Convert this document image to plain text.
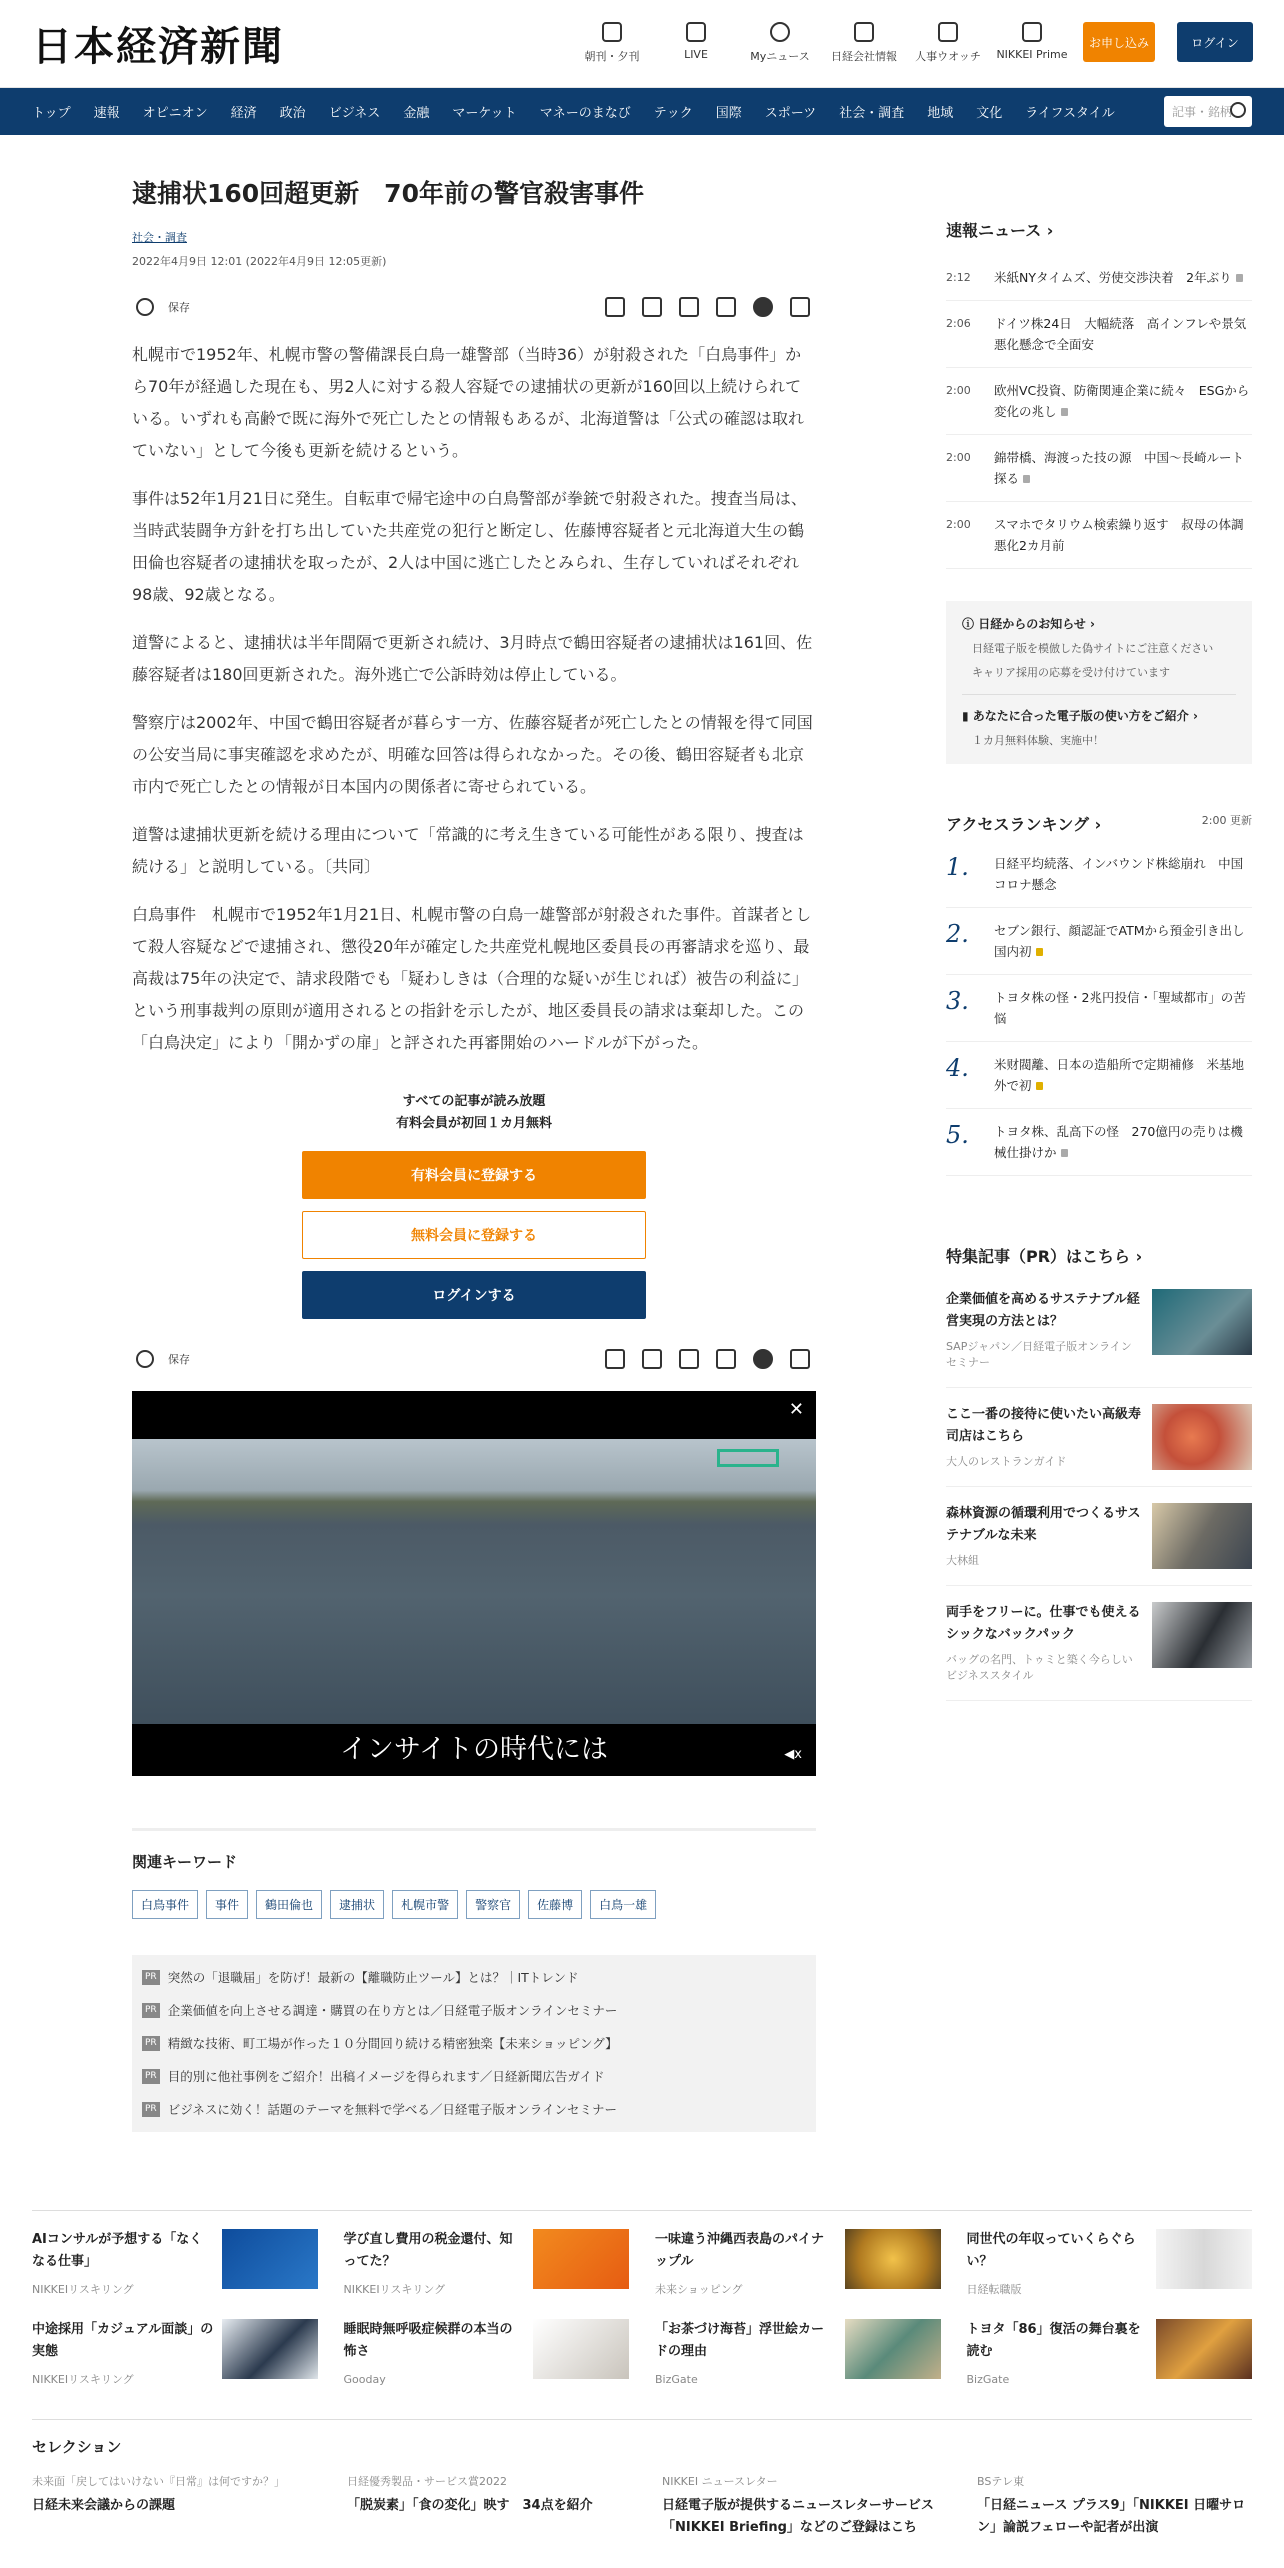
日本経済新聞	朝刊・夕刊	LIVE	Myニュース	日経会社情報	人事ウオッチ	NIKKEI Prime
お申し込み	ログイン
トップ 速報 オピニオン 経済 政治 ビジネス 金融 マーケット マネーのまなび テック 国際 スポーツ 社会・調査 地域 文化 ライフスタイル	記事・銘柄
逮捕状160回超更新　70年前の警官殺害事件
社会・調査
2022年4月9日 12:01 (2022年4月9日 12:05更新)
保存

札幌市で1952年、札幌市警の警備課長白鳥一雄警部（当時36）が射殺された「白鳥事件」から70年が経過した現在も、男2人に対する殺人容疑での逮捕状の更新が160回以上続けられている。いずれも高齢で既に海外で死亡したとの情報もあるが、北海道警は「公式の確認は取れていない」として今後も更新を続けるという。

事件は52年1月21日に発生。自転車で帰宅途中の白鳥警部が拳銃で射殺された。捜査当局は、当時武装闘争方針を打ち出していた共産党の犯行と断定し、佐藤博容疑者と元北海道大生の鶴田倫也容疑者の逮捕状を取ったが、2人は中国に逃亡したとみられ、生存していればそれぞれ98歳、92歳となる。

道警によると、逮捕状は半年間隔で更新され続け、3月時点で鶴田容疑者の逮捕状は161回、佐藤容疑者は180回更新された。海外逃亡で公訴時効は停止している。

警察庁は2002年、中国で鶴田容疑者が暮らす一方、佐藤容疑者が死亡したとの情報を得て同国の公安当局に事実確認を求めたが、明確な回答は得られなかった。その後、鶴田容疑者も北京市内で死亡したとの情報が日本国内の関係者に寄せられている。

道警は逮捕状更新を続ける理由について「常識的に考え生きている可能性がある限り、捜査は続ける」と説明している。〔共同〕

白鳥事件　札幌市で1952年1月21日、札幌市警の白鳥一雄警部が射殺された事件。首謀者として殺人容疑などで逮捕され、懲役20年が確定した共産党札幌地区委員長の再審請求を巡り、最高裁は75年の決定で、請求段階でも「疑わしきは（合理的な疑いが生じれば）被告の利益に」という刑事裁判の原則が適用されるとの指針を示したが、地区委員長の請求は棄却した。この「白鳥決定」により「開かずの扉」と評された再審開始のハードルが下がった。

すべての記事が読み放題
有料会員が初回１カ月無料
有料会員に登録する
無料会員に登録する
ログインする
保存
✕
インサイトの時代には	◀x
関連キーワード
白鳥事件	事件	鶴田倫也	逮捕状	札幌市警	警察官	佐藤博	白鳥一雄
PR 突然の「退職届」を防げ！最新の【離職防止ツール】とは？｜ITトレンド
PR 企業価値を向上させる調達・購買の在り方とは／日経電子版オンラインセミナー
PR 精緻な技術、町工場が作った１０分間回り続ける精密独楽【未来ショッピング】
PR 目的別に他社事例をご紹介！出稿イメージを得られます／日経新聞広告ガイド
PR ビジネスに効く！話題のテーマを無料で学べる／日経電子版オンラインセミナー
速報ニュース ›
2:12	米紙NYタイムズ、労使交渉決着　2年ぶり
2:06	ドイツ株24日　大幅続落　高インフレや景気悪化懸念で全面安
2:00	欧州VC投資、防衛関連企業に続々　ESGから変化の兆し
2:00	錦帯橋、海渡った技の源　中国〜長崎ルート探る
2:00	スマホでタリウム検索繰り返す　叔母の体調悪化2カ月前
ⓘ 日経からのお知らせ ›
日経電子版を模倣した偽サイトにご注意ください
キャリア採用の応募を受け付けています
▮ あなたに合った電子版の使い方をご紹介 ›
１カ月無料体験、実施中！
アクセスランキング ›	2:00 更新
1.	日経平均続落、インバウンド株総崩れ　中国コロナ懸念
2.	セブン銀行、顔認証でATMから預金引き出し　国内初
3.	トヨタ株の怪・2兆円投信・「聖域都市」の苦悩
4.	米财閥離、日本の造船所で定期補修　米基地外で初
5.	トヨタ株、乱高下の怪　270億円の売りは機械仕掛けか
特集記事（PR）はこちら ›
企業価値を高めるサステナブル経営実現の方法とは？
SAPジャパン／日経電子版オンラインセミナー
ここ一番の接待に使いたい高級寿司店はこちら
大人のレストランガイド
森林資源の循環利用でつくるサステナブルな未来
大林組
両手をフリーに。仕事でも使えるシックなバックパック
バッグの名門、トゥミと築く今らしいビジネススタイル
AIコンサルが予想する「なくなる仕事」
NIKKEIリスキリング
学び直し費用の税金還付、知ってた？
NIKKEIリスキリング
一味違う沖縄西表島のパイナップル
未来ショッピング
同世代の年収っていくらぐらい？
日経転職版
中途採用「カジュアル面談」の実態
NIKKEIリスキリング
睡眠時無呼吸症候群の本当の怖さ
Gooday
「お茶づけ海苔」浮世絵カードの理由
BizGate
トヨタ「86」復活の舞台裏を読む
BizGate
セレクション
未来面「戻してはいけない『日常』は何ですか？」
日経未来会議からの課題
日経優秀製品・サービス賞2022
「脱炭素」「食の変化」映す　34点を紹介
NIKKEI ニュースレター
日経電子版が提供するニュースレターサービス「NIKKEI Briefing」などのご登録はこち
BSテレ東
「日経ニュース プラス9」「NIKKEI 日曜サロン」論説フェローや記者が出演
